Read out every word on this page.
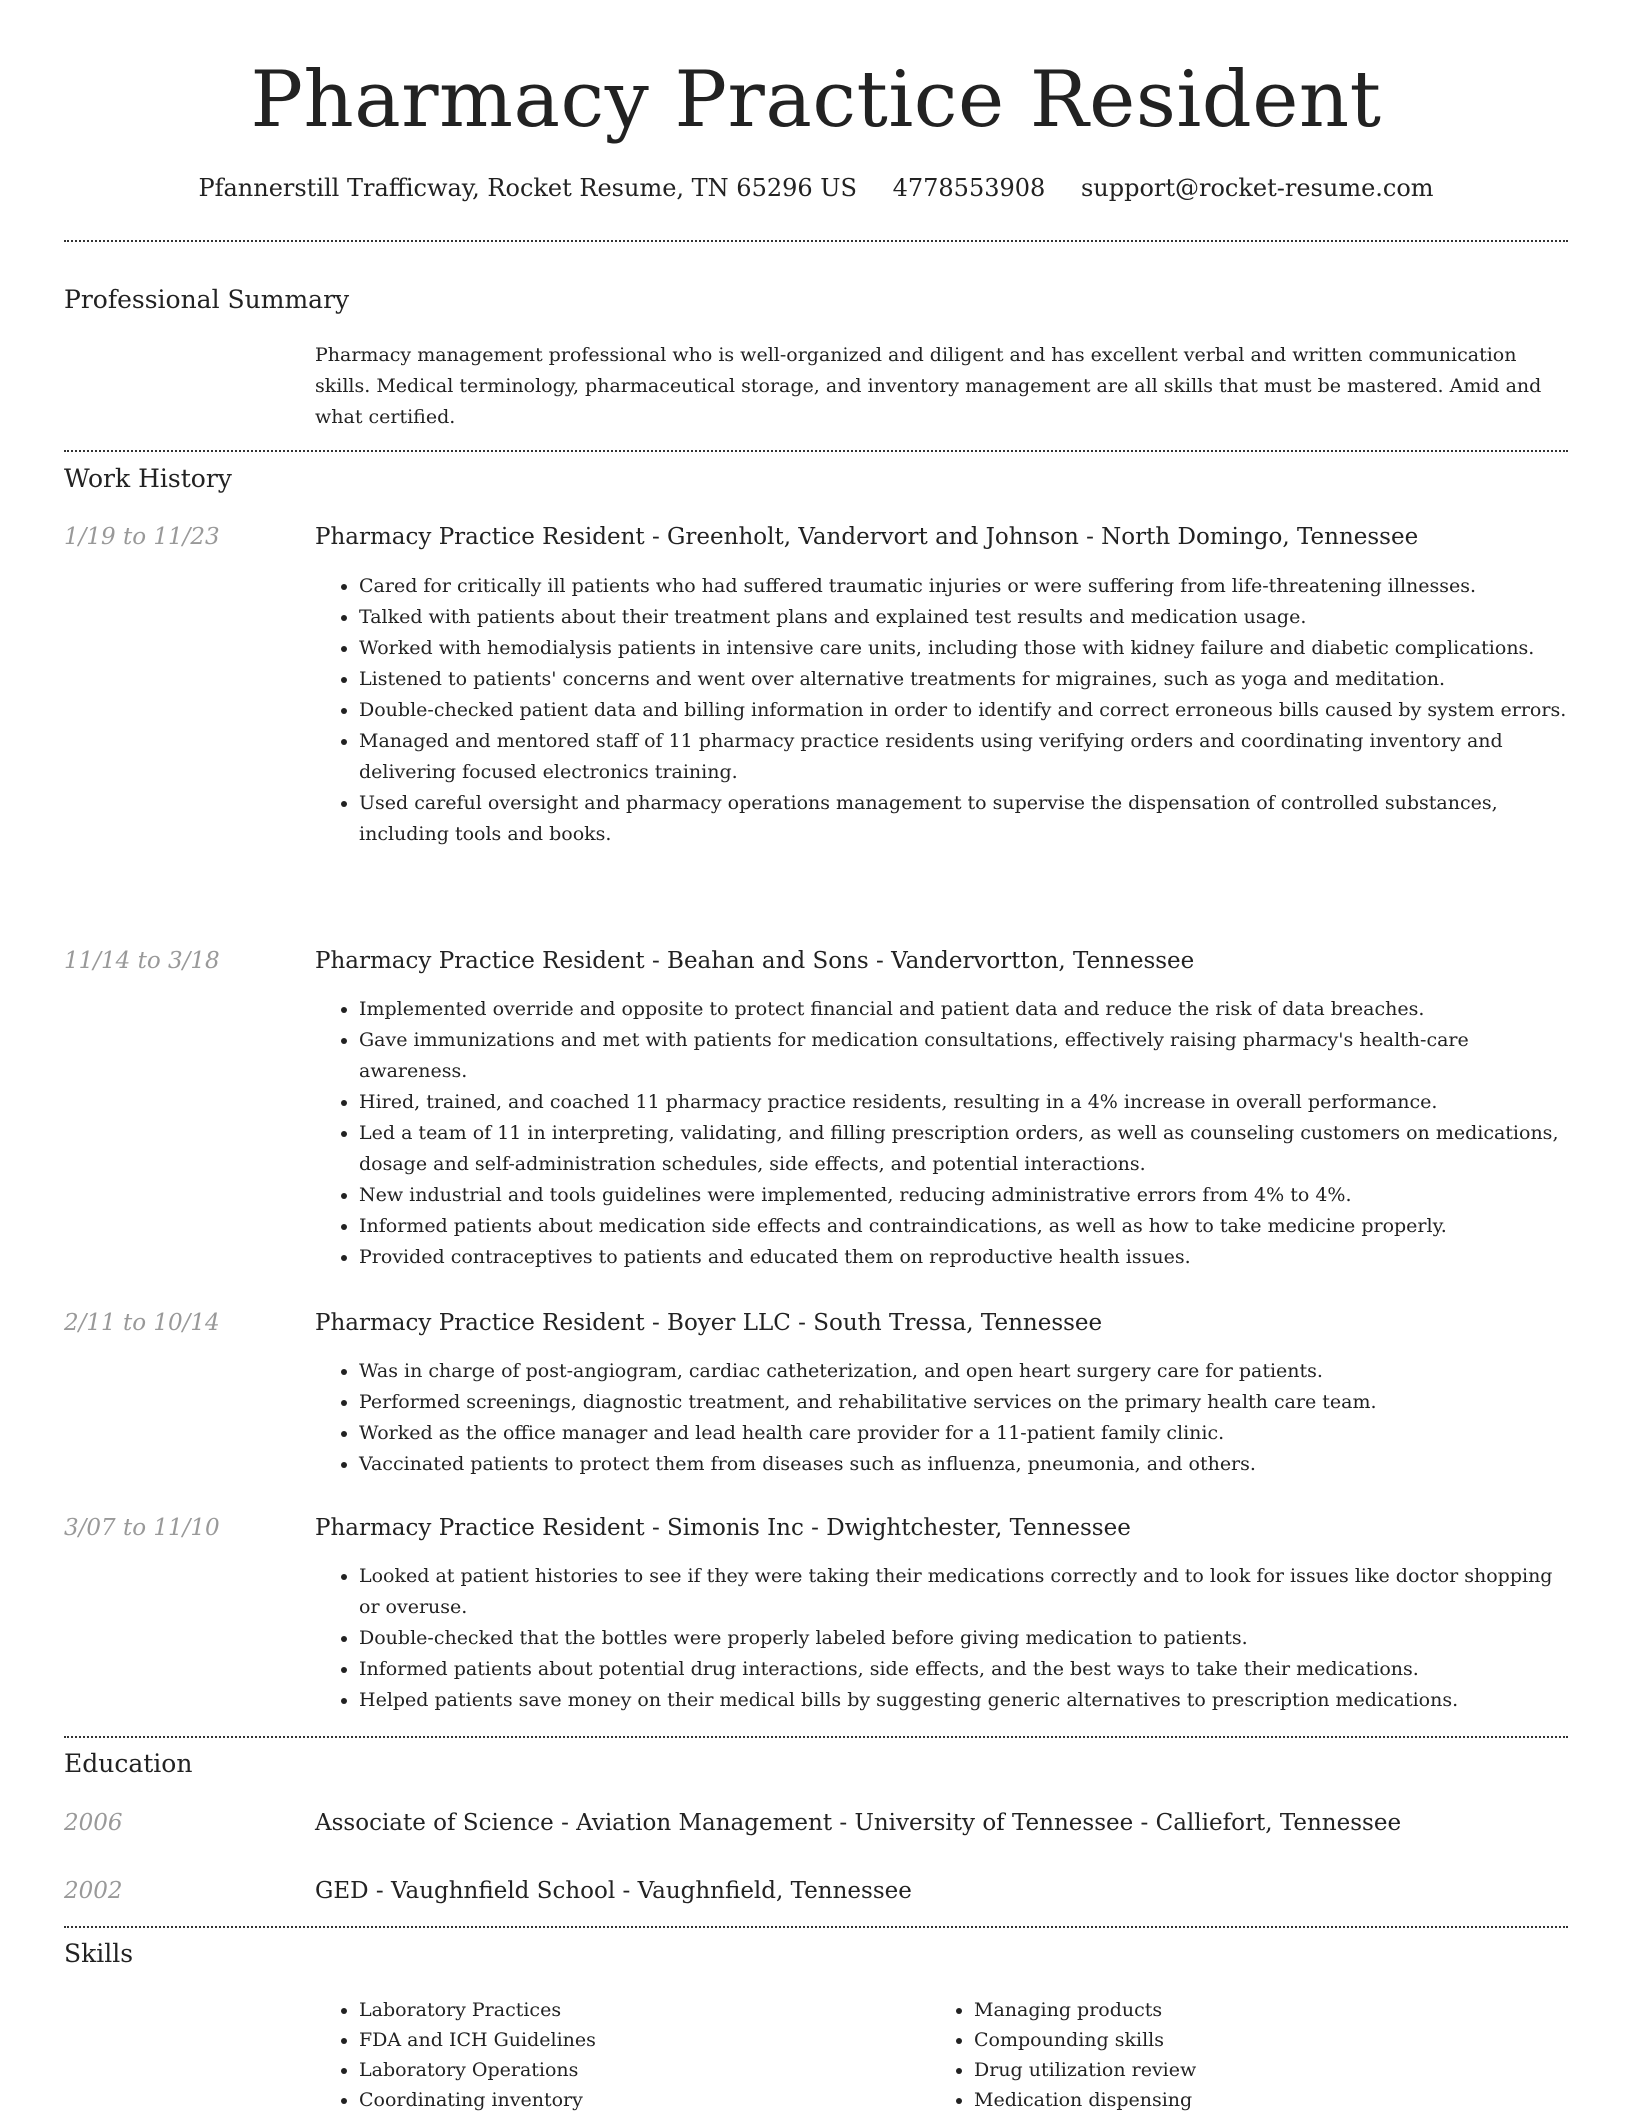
Pharmacy Practice Resident
Pfannerstill Trafficway, Rocket Resume, TN 65296 US 4778553908 support@rocket-resume.com
Professional Summary
Pharmacy management professional who is well-organized and diligent and has excellent verbal and written communication skills. Medical terminology, pharmaceutical storage, and inventory management are all skills that must be mastered. Amid and what certified.
Work History
1/19 to 11/23	Pharmacy Practice Resident - Greenholt, Vandervort and Johnson - North Domingo, Tennessee
• Cared for critically ill patients who had suffered traumatic injuries or were suffering from life-threatening illnesses.
• Talked with patients about their treatment plans and explained test results and medication usage.
• Worked with hemodialysis patients in intensive care units, including those with kidney failure and diabetic complications.
• Listened to patients' concerns and went over alternative treatments for migraines, such as yoga and meditation.
• Double-checked patient data and billing information in order to identify and correct erroneous bills caused by system errors.
• Managed and mentored staff of 11 pharmacy practice residents using verifying orders and coordinating inventory and delivering focused electronics training.
• Used careful oversight and pharmacy operations management to supervise the dispensation of controlled substances, including tools and books.
11/14 to 3/18	Pharmacy Practice Resident - Beahan and Sons - Vandervortton, Tennessee
• Implemented override and opposite to protect financial and patient data and reduce the risk of data breaches.
• Gave immunizations and met with patients for medication consultations, effectively raising pharmacy's health-care awareness.
• Hired, trained, and coached 11 pharmacy practice residents, resulting in a 4% increase in overall performance.
• Led a team of 11 in interpreting, validating, and filling prescription orders, as well as counseling customers on medications, dosage and self-administration schedules, side effects, and potential interactions.
• New industrial and tools guidelines were implemented, reducing administrative errors from 4% to 4%.
• Informed patients about medication side effects and contraindications, as well as how to take medicine properly.
• Provided contraceptives to patients and educated them on reproductive health issues.
2/11 to 10/14	Pharmacy Practice Resident - Boyer LLC - South Tressa, Tennessee
• Was in charge of post-angiogram, cardiac catheterization, and open heart surgery care for patients.
• Performed screenings, diagnostic treatment, and rehabilitative services on the primary health care team.
• Worked as the office manager and lead health care provider for a 11-patient family clinic.
• Vaccinated patients to protect them from diseases such as influenza, pneumonia, and others.
3/07 to 11/10	Pharmacy Practice Resident - Simonis Inc - Dwightchester, Tennessee
• Looked at patient histories to see if they were taking their medications correctly and to look for issues like doctor shopping or overuse.
• Double-checked that the bottles were properly labeled before giving medication to patients.
• Informed patients about potential drug interactions, side effects, and the best ways to take their medications.
• Helped patients save money on their medical bills by suggesting generic alternatives to prescription medications.
Education
2006	Associate of Science - Aviation Management - University of Tennessee - Calliefort, Tennessee
2002	GED - Vaughnfield School - Vaughnfield, Tennessee
Skills
• Laboratory Practices
• FDA and ICH Guidelines
• Laboratory Operations
• Coordinating inventory
• Managing products
• Compounding skills
• Drug utilization review
• Medication dispensing
